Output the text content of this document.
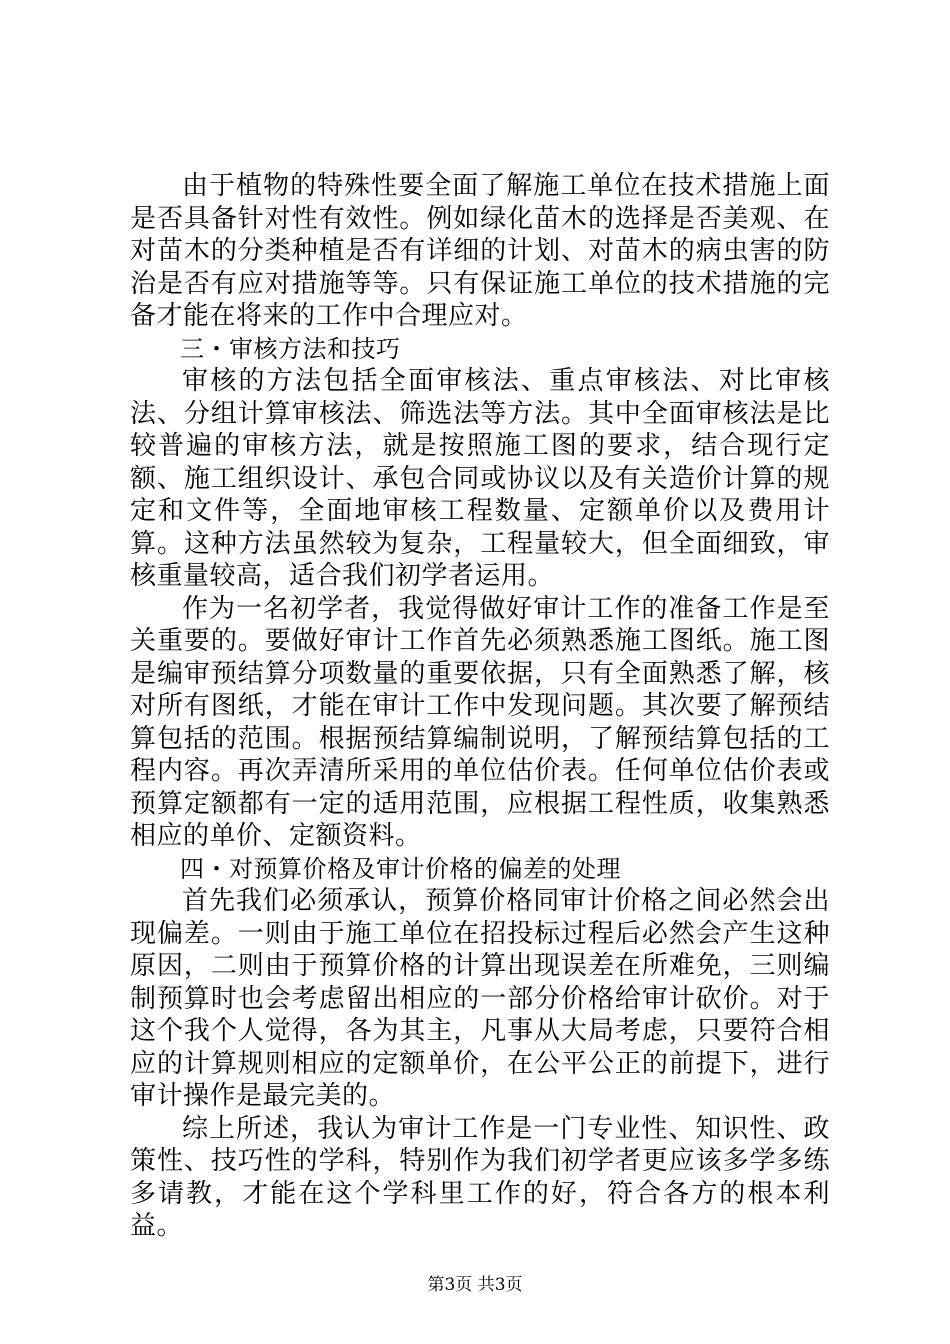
由于植物的特殊性要全面了解施工单位在技术措施上面是否具备针对性有效性。例如绿化苗木的选择是否美观、在对苗木的分类种植是否有详细的计划、对苗木的病虫害的防治是否有应对措施等等。只有保证施工单位的技术措施的完备才能在将来的工作中合理应对。

三・审核方法和技巧

审核的方法包括全面审核法、重点审核法、对比审核法、分组计算审核法、筛选法等方法。其中全面审核法是比较普遍的审核方法，就是按照施工图的要求，结合现行定额、施工组织设计、承包合同或协议以及有关造价计算的规定和文件等，全面地审核工程数量、定额单价以及费用计算。这种方法虽然较为复杂，工程量较大，但全面细致，审核重量较高，适合我们初学者运用。

作为一名初学者，我觉得做好审计工作的准备工作是至关重要的。要做好审计工作首先必须熟悉施工图纸。施工图是编审预结算分项数量的重要依据，只有全面熟悉了解，核对所有图纸，才能在审计工作中发现问题。其次要了解预结算包括的范围。根据预结算编制说明，了解预结算包括的工程内容。再次弄清所采用的单位估价表。任何单位估价表或预算定额都有一定的适用范围，应根据工程性质，收集熟悉相应的单价、定额资料。

四・对预算价格及审计价格的偏差的处理

首先我们必须承认，预算价格同审计价格之间必然会出现偏差。一则由于施工单位在招投标过程后必然会产生这种原因，二则由于预算价格的计算出现误差在所难免，三则编制预算时也会考虑留出相应的一部分价格给审计砍价。对于这个我个人觉得，各为其主，凡事从大局考虑，只要符合相应的计算规则相应的定额单价，在公平公正的前提下，进行审计操作是最完美的。

综上所述，我认为审计工作是一门专业性、知识性、政策性、技巧性的学科，特别作为我们初学者更应该多学多练多请教，才能在这个学科里工作的好，符合各方的根本利益。

第3页 共3页
